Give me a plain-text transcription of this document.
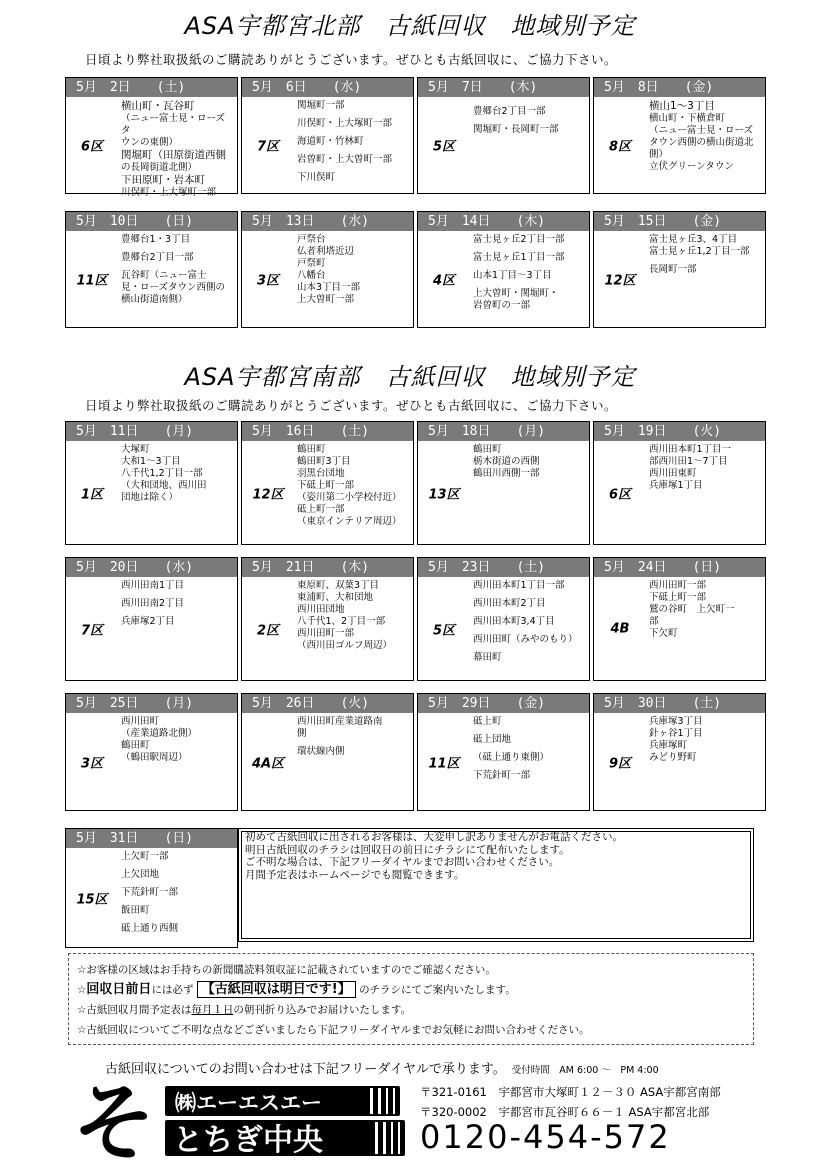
ASA宇都宮北部　古紙回収　地域別予定
日頃より弊社取扱紙のご購読ありがとうございます。ぜひとも古紙回収に、ご協力下さい。
5月　2日　　(土)
6区
横山町・瓦谷町
（ニュー富士見・ローズタ
ウンの東側）
関堀町（田原街道西側
の長岡街道北側）
下田原町・岩本町
川俣町・上大塚町一部
5月　6日　　(水)
7区
関堀町一部
川俣町・上大塚町一部
海道町・竹林町
岩曽町・上大曽町一部
下川俣町
5月　7日　　(木)
5区
豊郷台2丁目一部
関堀町・長岡町一部
5月　8日　　(金)
8区
横山1～3丁目
横山町・下横倉町
（ニュー富士見・ローズ
タウン西側の横山街道北
側）
立伏グリーンタウン
5月　10日　　(日)
11区
豊郷台1・3丁目
豊郷台2丁目一部
瓦谷町（ニュー富士
見・ローズタウン西側の
横山街道南側）
5月　13日　　(水)
3区
戸祭台
仏者利塔近辺
戸祭町
八幡台
山本3丁目一部
上大曽町一部
5月　14日　　(木)
4区
富士見ヶ丘2丁目一部
富士見ヶ丘1丁目一部
山本1丁目～3丁目
上大曽町・関堀町・
岩曽町の一部
5月　15日　　(金)
12区
富士見ヶ丘3、4丁目
富士見ヶ丘1,2丁目一部
長岡町一部
ASA宇都宮南部　古紙回収　地域別予定
日頃より弊社取扱紙のご購読ありがとうございます。ぜひとも古紙回収に、ご協力下さい。
5月　11日　　(月)
1区
大塚町
大和1～3丁目
八千代1,2丁目一部
（大和団地、西川田
団地は除く）
5月　16日　　(土)
12区
鶴田町
鶴田町3丁目
羽黒台団地
下砥上町一部
（姿川第二小学校付近）
砥上町一部
（東京インテリア周辺）
5月　18日　　(月)
13区
鶴田町
栃木街道の西側
鶴田川西側一部
5月　19日　　(火)
6区
西川田本町1丁目一
部西川田1～7丁目
西川田東町
兵庫塚1丁目
5月　20日　　(水)
7区
西川田南1丁目
西川田南2丁目
兵庫塚2丁目
5月　21日　　(木)
2区
東原町、双葉3丁目
東浦町、大和団地
西川田団地
八千代1、2丁目一部
西川田町一部
（西川田ゴルフ周辺）
5月　23日　　(土)
5区
西川田本町1丁目一部
西川田本町2丁目
西川田本町3,4丁目
西川田町（みやのもり）
幕田町
5月　24日　　(日)
4B
西川田町一部
下砥上町一部
鷲の谷町　上欠町一
部
下欠町
5月　25日　　(月)
3区
西川田町
（産業道路北側）
鶴田町
（鶴田駅周辺）
5月　26日　　(火)
4A区
西川田町産業道路南
側
環状線内側
5月　29日　　(金)
11区
砥上町
砥上団地
（砥上通り東側）
下荒針町一部
5月　30日　　(土)
9区
兵庫塚3丁目
針ヶ谷1丁目
兵庫塚町
みどり野町
初めて古紙回収に出されるお客様は、大変申し訳ありませんがお電話ください。
明日古紙回収のチラシは回収日の前日にチラシにて配布いたします。
ご不明な場合は、下記フリーダイヤルまでお問い合わせください。
月間予定表はホームページでも閲覧できます。
☆お客様の区域はお手持ちの新聞購読料領収証に記載されていますのでご確認ください。
☆回収日前日には必ず 【古紙回収は明日です!】 のチラシにてご案内いたします。
☆古紙回収月間予定表は毎月１日の朝刊折り込みでお届けいたします。
☆古紙回収についてご不明な点などございましたら下記フリーダイヤルまでお気軽にお問い合わせください。
古紙回収についてのお問い合わせは下記フリーダイヤルで承ります。 受付時間　AM 6:00 ～　PM 4:00
そ ㈱エーエスエー
とちぎ中央
〒321-0161　宇都宮市大塚町１２－３０ ASA宇都宮南部
〒320-0002　宇都宮市瓦谷町６６－１ ASA宇都宮北部
0120-454-572
5月　31日　　(日)
15区
上欠町一部
上欠団地
下荒針町一部
飯田町
砥上通り西側
